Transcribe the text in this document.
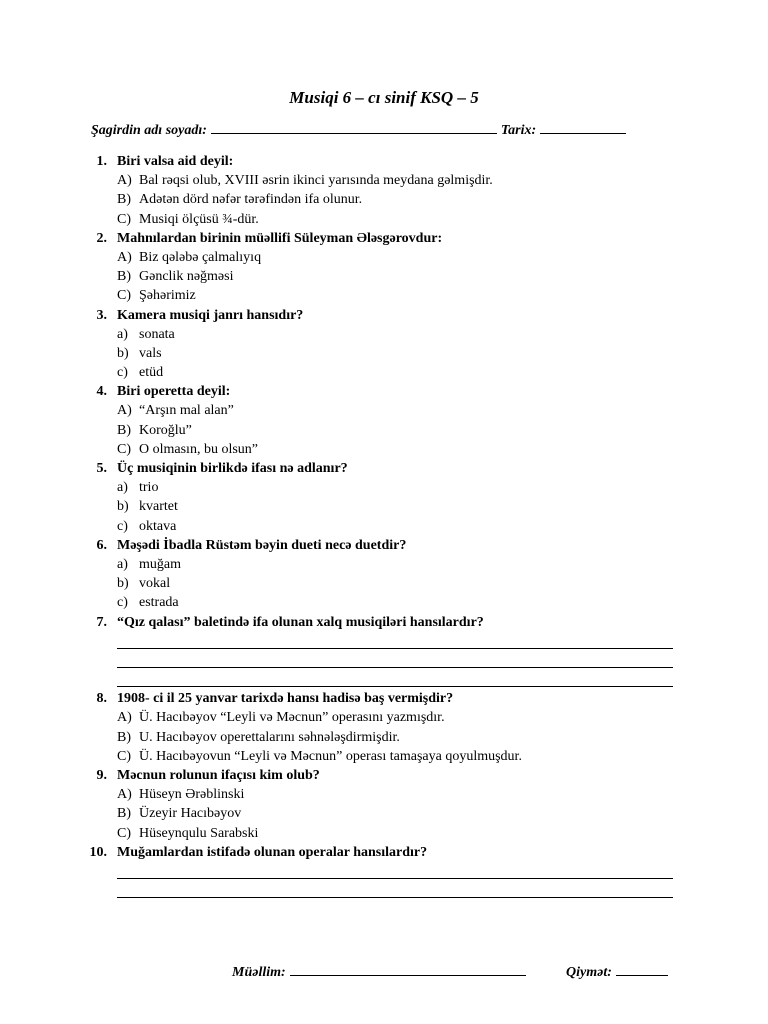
Musiqi 6 – cı sinif KSQ – 5
Şagirdin adı soyadı:	Tarix:
1. Biri valsa aid deyil:
A) Bal rəqsi olub, XVIII əsrin ikinci yarısında meydana gəlmişdir.
B) Adətən dörd nəfər tərəfindən ifa olunur.
C) Musiqi ölçüsü ¾-dür.
2. Mahnılardan birinin müəllifi Süleyman Ələsgərovdur:
A) Biz qələbə çalmalıyıq
B) Gənclik nəğməsi
C) Şəhərimiz
3. Kamera musiqi janrı hansıdır?
a) sonata
b) vals
c) etüd
4. Biri operetta deyil:
A) “Arşın mal alan”
B) Koroğlu”
C) O olmasın, bu olsun”
5. Üç musiqinin birlikdə ifası nə adlanır?
a) trio
b) kvartet
c) oktava
6. Məşədi İbadla Rüstəm bəyin dueti necə duetdir?
a) muğam
b) vokal
c) estrada
7. “Qız qalası” baletində ifa olunan xalq musiqiləri hansılardır?
8. 1908- ci il 25 yanvar tarixdə hansı hadisə baş vermişdir?
A) Ü. Hacıbəyov “Leyli və Məcnun” operasını yazmışdır.
B) U. Hacıbəyov operettalarını səhnələşdirmişdir.
C) Ü. Hacıbəyovun “Leyli və Məcnun” operası tamaşaya qoyulmuşdur.
9. Məcnun rolunun ifaçısı kim olub?
A) Hüseyn Ərəblinski
B) Üzeyir Hacıbəyov
C) Hüseynqulu Sarabski
10. Muğamlardan istifadə olunan operalar hansılardır?
Müəllim:	Qiymət:
